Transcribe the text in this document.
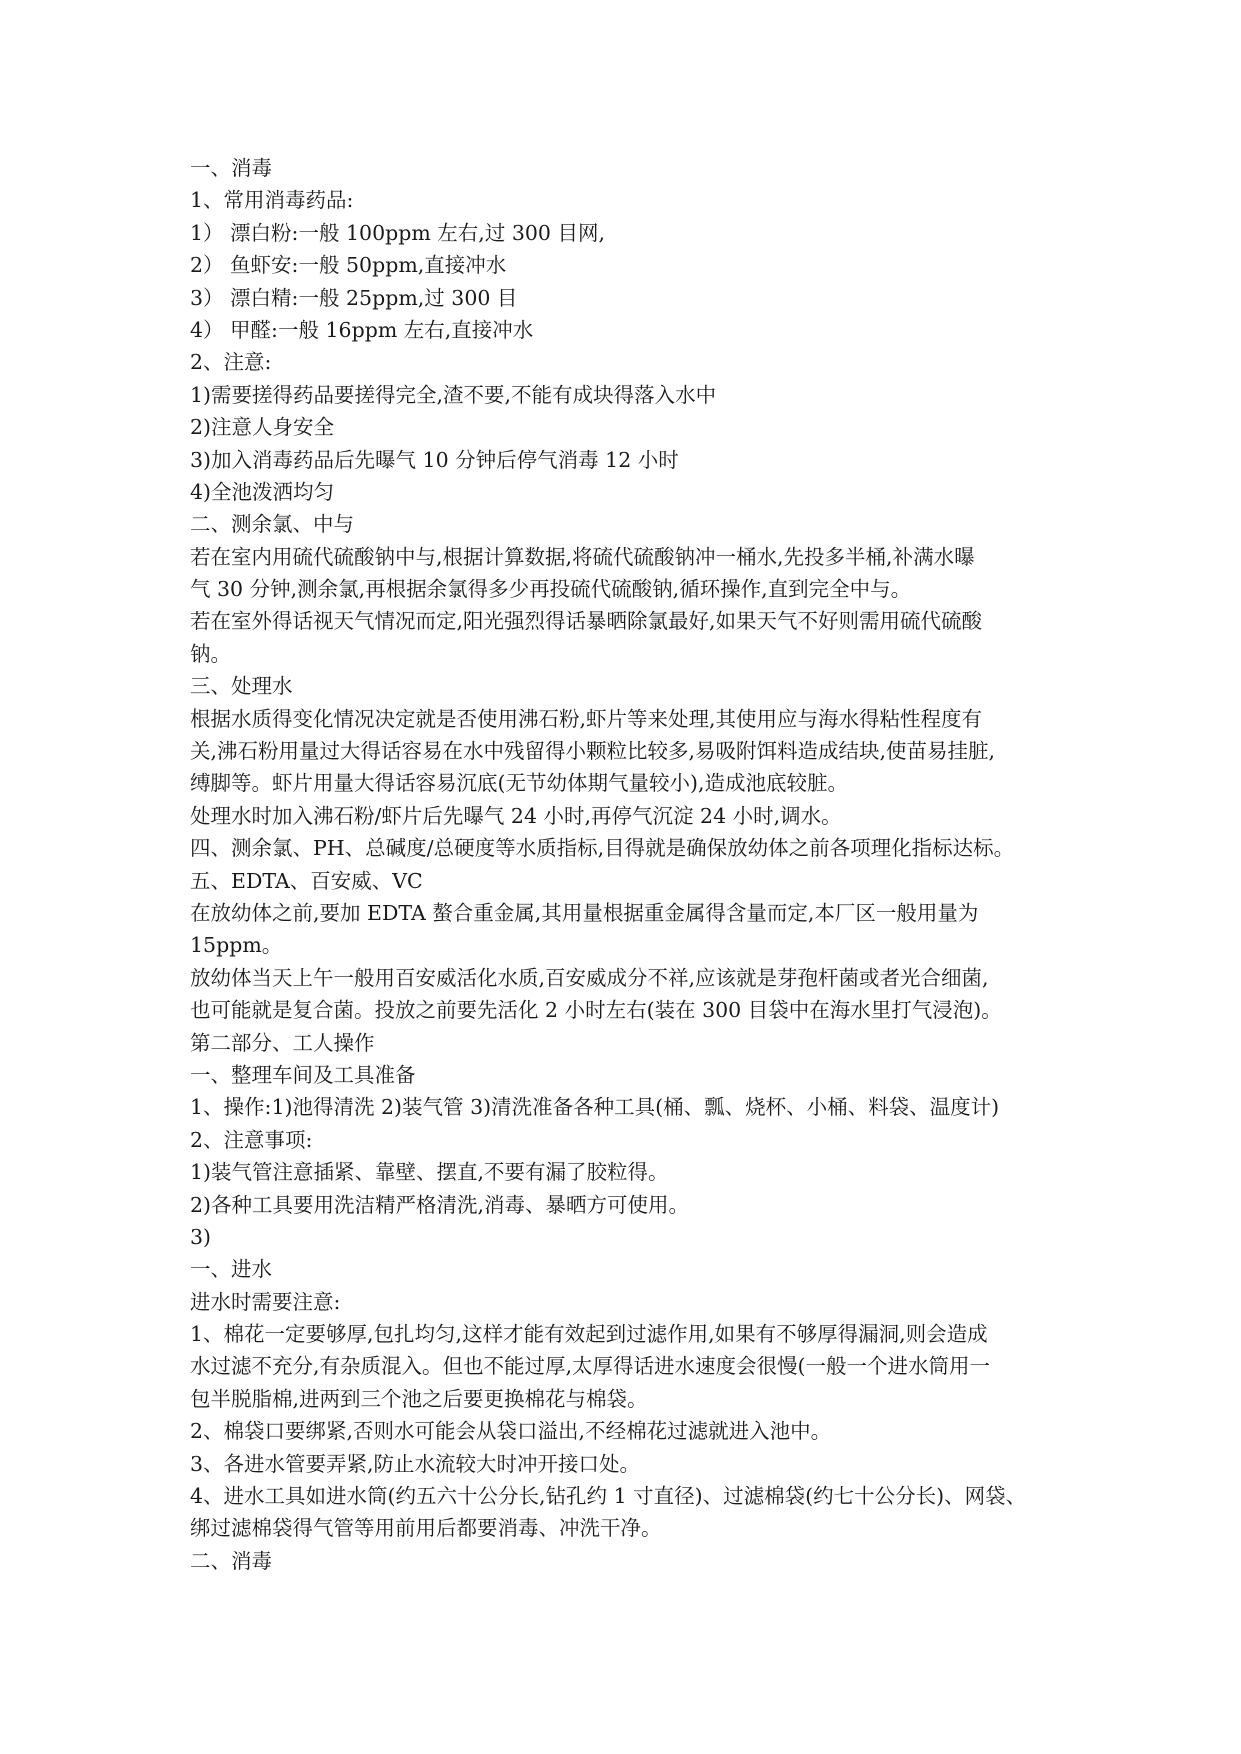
一、消毒
1、常用消毒药品:
1） 漂白粉:一般 100ppm 左右,过 300 目网,
2） 鱼虾安:一般 50ppm,直接冲水
3） 漂白精:一般 25ppm,过 300 目
4） 甲醛:一般 16ppm 左右,直接冲水
2、注意:
1)需要搓得药品要搓得完全,渣不要,不能有成块得落入水中
2)注意人身安全
3)加入消毒药品后先曝气 10 分钟后停气消毒 12 小时
4)全池泼洒均匀
二、测余氯、中与
若在室内用硫代硫酸钠中与,根据计算数据,将硫代硫酸钠冲一桶水,先投多半桶,补满水曝
气 30 分钟,测余氯,再根据余氯得多少再投硫代硫酸钠,循环操作,直到完全中与。
若在室外得话视天气情况而定,阳光强烈得话暴晒除氯最好,如果天气不好则需用硫代硫酸
钠。
三、处理水
根据水质得变化情况决定就是否使用沸石粉,虾片等来处理,其使用应与海水得粘性程度有
关,沸石粉用量过大得话容易在水中残留得小颗粒比较多,易吸附饵料造成结块,使苗易挂脏,
缚脚等。虾片用量大得话容易沉底(无节幼体期气量较小),造成池底较脏。
处理水时加入沸石粉/虾片后先曝气 24 小时,再停气沉淀 24 小时,调水。
四、测余氯、PH、总碱度/总硬度等水质指标,目得就是确保放幼体之前各项理化指标达标。
五、EDTA、百安威、VC
在放幼体之前,要加 EDTA 螯合重金属,其用量根据重金属得含量而定,本厂区一般用量为
15ppm。
放幼体当天上午一般用百安威活化水质,百安威成分不祥,应该就是芽孢杆菌或者光合细菌,
也可能就是复合菌。投放之前要先活化 2 小时左右(装在 300 目袋中在海水里打气浸泡)。
第二部分、工人操作
一、整理车间及工具准备
1、操作:1)池得清洗 2)装气管 3)清洗准备各种工具(桶、瓢、烧杯、小桶、料袋、温度计)
2、注意事项:
1)装气管注意插紧、靠壁、摆直,不要有漏了胶粒得。
2)各种工具要用洗洁精严格清洗,消毒、暴晒方可使用。
3)
一、进水
进水时需要注意:
1、棉花一定要够厚,包扎均匀,这样才能有效起到过滤作用,如果有不够厚得漏洞,则会造成
水过滤不充分,有杂质混入。但也不能过厚,太厚得话进水速度会很慢(一般一个进水筒用一
包半脱脂棉,进两到三个池之后要更换棉花与棉袋。
2、棉袋口要绑紧,否则水可能会从袋口溢出,不经棉花过滤就进入池中。
3、各进水管要弄紧,防止水流较大时冲开接口处。
4、进水工具如进水筒(约五六十公分长,钻孔约 1 寸直径)、过滤棉袋(约七十公分长)、网袋、
绑过滤棉袋得气管等用前用后都要消毒、冲洗干净。
二、消毒
